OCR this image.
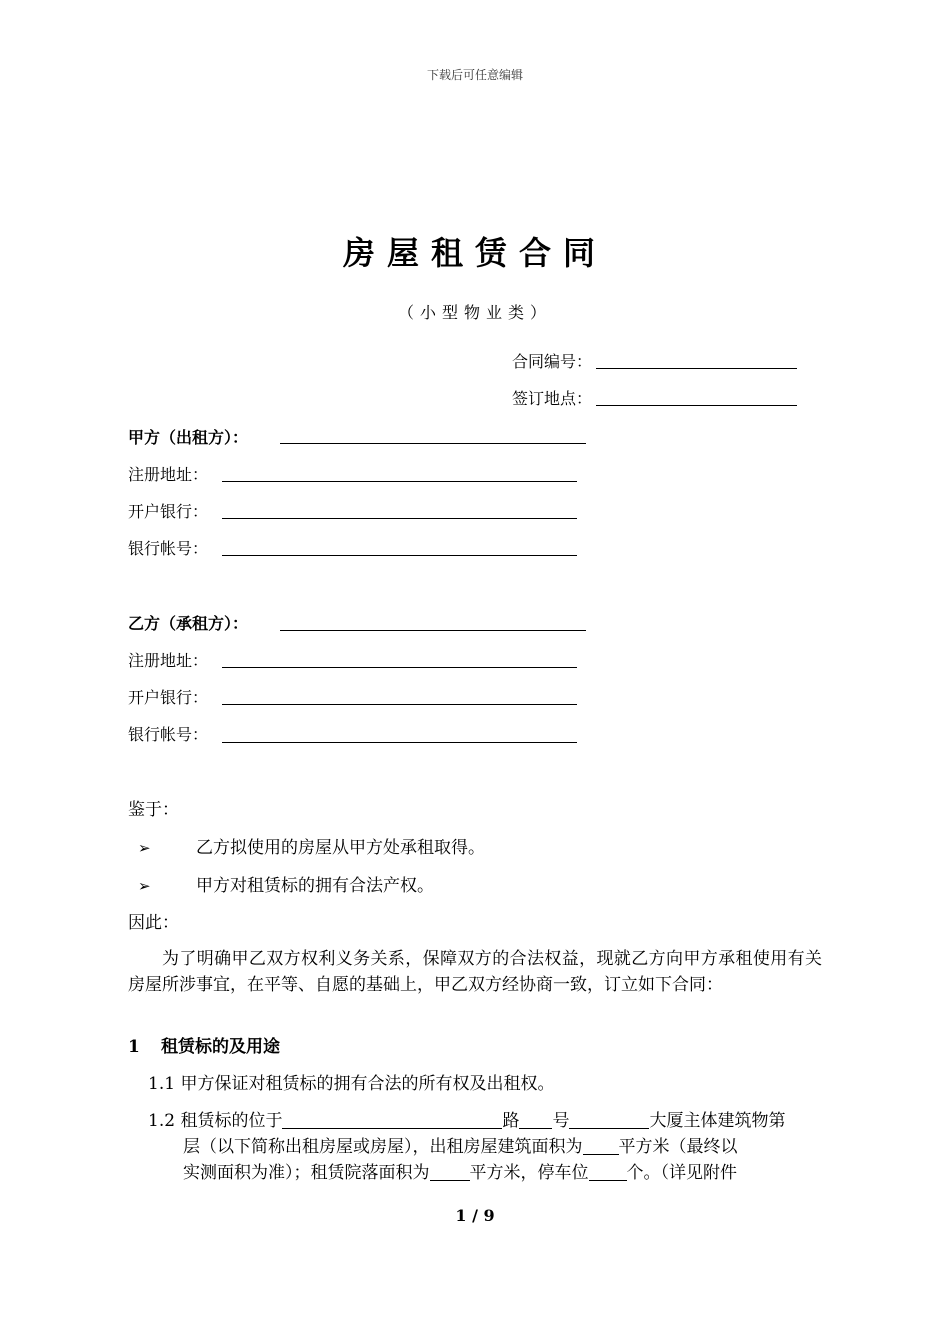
下载后可任意编辑
房屋租赁合同
（小型物业类）
合同编号：
签订地点：
甲方（出租方）：
注册地址：
开户银行：
银行帐号：
乙方（承租方）：
注册地址：
开户银行：
银行帐号：
鉴于：
➢	乙方拟使用的房屋从甲方处承租取得。
➢	甲方对租赁标的拥有合法产权。
因此：
为了明确甲乙双方权利义务关系，保障双方的合法权益，现就乙方向甲方承租使用有关房屋所涉事宜，在平等、自愿的基础上，甲乙双方经协商一致，订立如下合同：
1 租赁标的及用途
1.1 甲方保证对租赁标的拥有合法的所有权及出租权。
1.2 租赁标的位于	路 号	大厦主体建筑物第
层（以下简称出租房屋或房屋），出租房屋建筑面积为 平方米（最终以
实测面积为准）；租赁院落面积为 平方米，停车位 个。（详见附件
1 / 9
